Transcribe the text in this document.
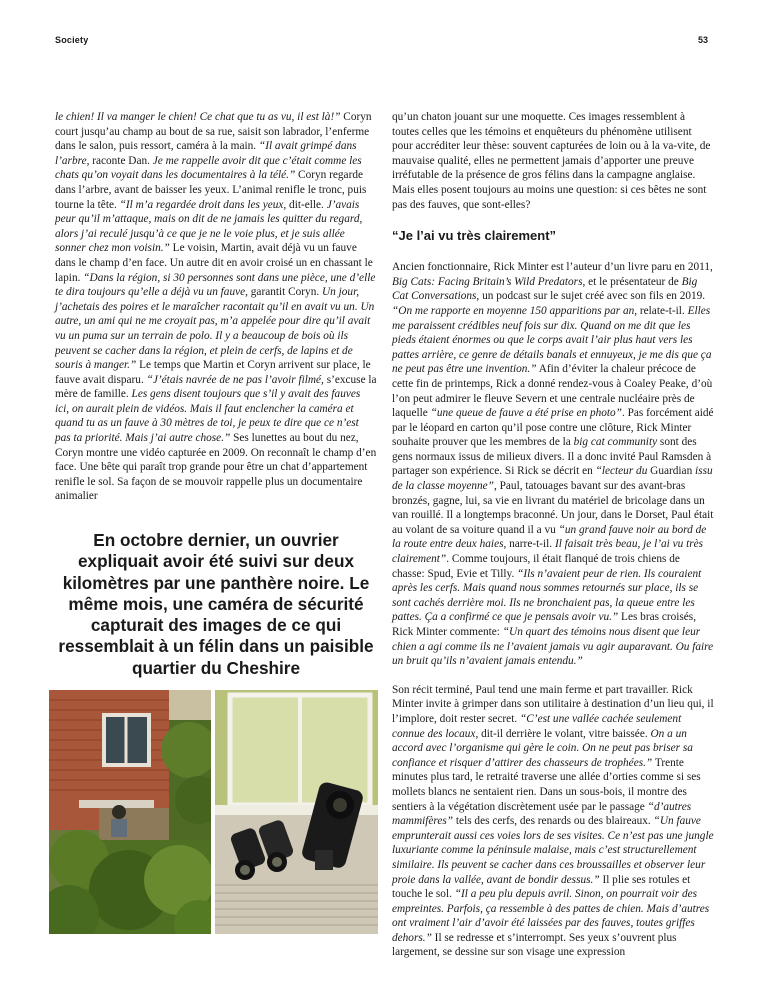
Society	53

le chien! Il va manger le chien! Ce chat que tu as vu, il est là!” Coryn court jusqu’au champ au bout de sa rue, saisit son labrador, l’enferme dans le salon, puis ressort, caméra à la main. “Il avait grimpé dans l’arbre, raconte Dan. Je me rappelle avoir dit que c’était comme les chats qu’on voyait dans les documentaires à la télé.” Coryn regarde dans l’arbre, avant de baisser les yeux. L’animal renifle le tronc, puis tourne la tête. “Il m’a regardée droit dans les yeux, dit-elle. J’avais peur qu’il m’attaque, mais on dit de ne jamais les quitter du regard, alors j’ai reculé jusqu’à ce que je ne le voie plus, et je suis allée sonner chez mon voisin.” Le voisin, Martin, avait déjà vu un fauve dans le champ d’en face. Un autre dit en avoir croisé un en chassant le lapin. “Dans la région, si 30 personnes sont dans une pièce, une d’elle te dira toujours qu’elle a déjà vu un fauve, garantit Coryn. Un jour, j’achetais des poires et le maraîcher racontait qu’il en avait vu un. Un autre, un ami qui ne me croyait pas, m’a appelée pour dire qu’il avait vu un puma sur un terrain de polo. Il y a beaucoup de bois où ils peuvent se cacher dans la région, et plein de cerfs, de lapins et de souris à manger.” Le temps que Martin et Coryn arrivent sur place, le fauve avait disparu. “J’étais navrée de ne pas l’avoir filmé, s’excuse la mère de famille. Les gens disent toujours que s’il y avait des fauves ici, on aurait plein de vidéos. Mais il faut enclencher la caméra et quand tu as un fauve à 30 mètres de toi, je peux te dire que ce n’est pas ta priorité. Mais j’ai autre chose.” Ses lunettes au bout du nez, Coryn montre une vidéo capturée en 2009. On reconnaît le champ d’en face. Une bête qui paraît trop grande pour être un chat d’appartement renifle le sol. Sa façon de se mouvoir rappelle plus un documentaire animalier

En octobre dernier, un ouvrier expliquait avoir été suivi sur deux kilomètres par une panthère noire. Le même mois, une caméra de sécurité capturait des images de ce qui ressemblait à un félin dans un paisible quartier du Cheshire

qu’un chaton jouant sur une moquette. Ces images ressemblent à toutes celles que les témoins et enquêteurs du phénomène utilisent pour accréditer leur thèse: souvent capturées de loin ou à la va-vite, de mauvaise qualité, elles ne permettent jamais d’apporter une preuve irréfutable de la présence de gros félins dans la campagne anglaise. Mais elles posent toujours au moins une question: si ces bêtes ne sont pas des fauves, que sont-elles?

“Je l’ai vu très clairement”

Ancien fonctionnaire, Rick Minter est l’auteur d’un livre paru en 2011, Big Cats: Facing Britain’s Wild Predators, et le présentateur de Big Cat Conversations, un podcast sur le sujet créé avec son fils en 2019. “On me rapporte en moyenne 150 apparitions par an, relate-t-il. Elles me paraissent crédibles neuf fois sur dix. Quand on me dit que les pieds étaient énormes ou que le corps avait l’air plus haut vers les pattes arrière, ce genre de détails banals et ennuyeux, je me dis que ça ne peut pas être une invention.” Afin d’éviter la chaleur précoce de cette fin de printemps, Rick a donné rendez-vous à Coaley Peake, d’où l’on peut admirer le fleuve Severn et une centrale nucléaire près de laquelle “une queue de fauve a été prise en photo”. Pas forcément aidé par le léopard en carton qu’il pose contre une clôture, Rick Minter souhaite prouver que les membres de la big cat community sont des gens normaux issus de milieux divers. Il a donc invité Paul Ramsden à partager son expérience. Si Rick se décrit en “lecteur du Guardian issu de la classe moyenne”, Paul, tatouages bavant sur des avant-bras bronzés, gagne, lui, sa vie en livrant du matériel de bricolage dans un van rouillé. Il a longtemps braconné. Un jour, dans le Dorset, Paul était au volant de sa voiture quand il a vu “un grand fauve noir au bord de la route entre deux haies, narre-t-il. Il faisait très beau, je l’ai vu très clairement”. Comme toujours, il était flanqué de trois chiens de chasse: Spud, Evie et Tilly. “Ils n’avaient peur de rien. Ils couraient après les cerfs. Mais quand nous sommes retournés sur place, ils se sont cachés derrière moi. Ils ne bronchaient pas, la queue entre les pattes. Ça a confirmé ce que je pensais avoir vu.” Les bras croisés, Rick Minter commente: “Un quart des témoins nous disent que leur chien a agi comme ils ne l’avaient jamais vu agir auparavant. Ou faire un bruit qu’ils n’avaient jamais entendu.”

Son récit terminé, Paul tend une main ferme et part travailler. Rick Minter invite à grimper dans son utilitaire à destination d’un lieu qui, il l’implore, doit rester secret. “C’est une vallée cachée seulement connue des locaux, dit-il derrière le volant, vitre baissée. On a un accord avec l’organisme qui gère le coin. On ne peut pas briser sa confiance et risquer d’attirer des chasseurs de trophées.” Trente minutes plus tard, le retraité traverse une allée d’orties comme si ses mollets blancs ne sentaient rien. Dans un sous-bois, il montre des sentiers à la végétation discrètement usée par le passage “d’autres mammifères” tels des cerfs, des renards ou des blaireaux. “Un fauve emprunterait aussi ces voies lors de ses visites. Ce n’est pas une jungle luxuriante comme la péninsule malaise, mais c’est structurellement similaire. Ils peuvent se cacher dans ces broussailles et observer leur proie dans la vallée, avant de bondir dessus.” Il plie ses rotules et touche le sol. “Il a peu plu depuis avril. Sinon, on pourrait voir des empreintes. Parfois, ça ressemble à des pattes de chien. Mais d’autres ont vraiment l’air d’avoir été laissées par des fauves, toutes griffes dehors.” Il se redresse et s’interrompt. Ses yeux s’ouvrent plus largement, se dessine sur son visage une expression
